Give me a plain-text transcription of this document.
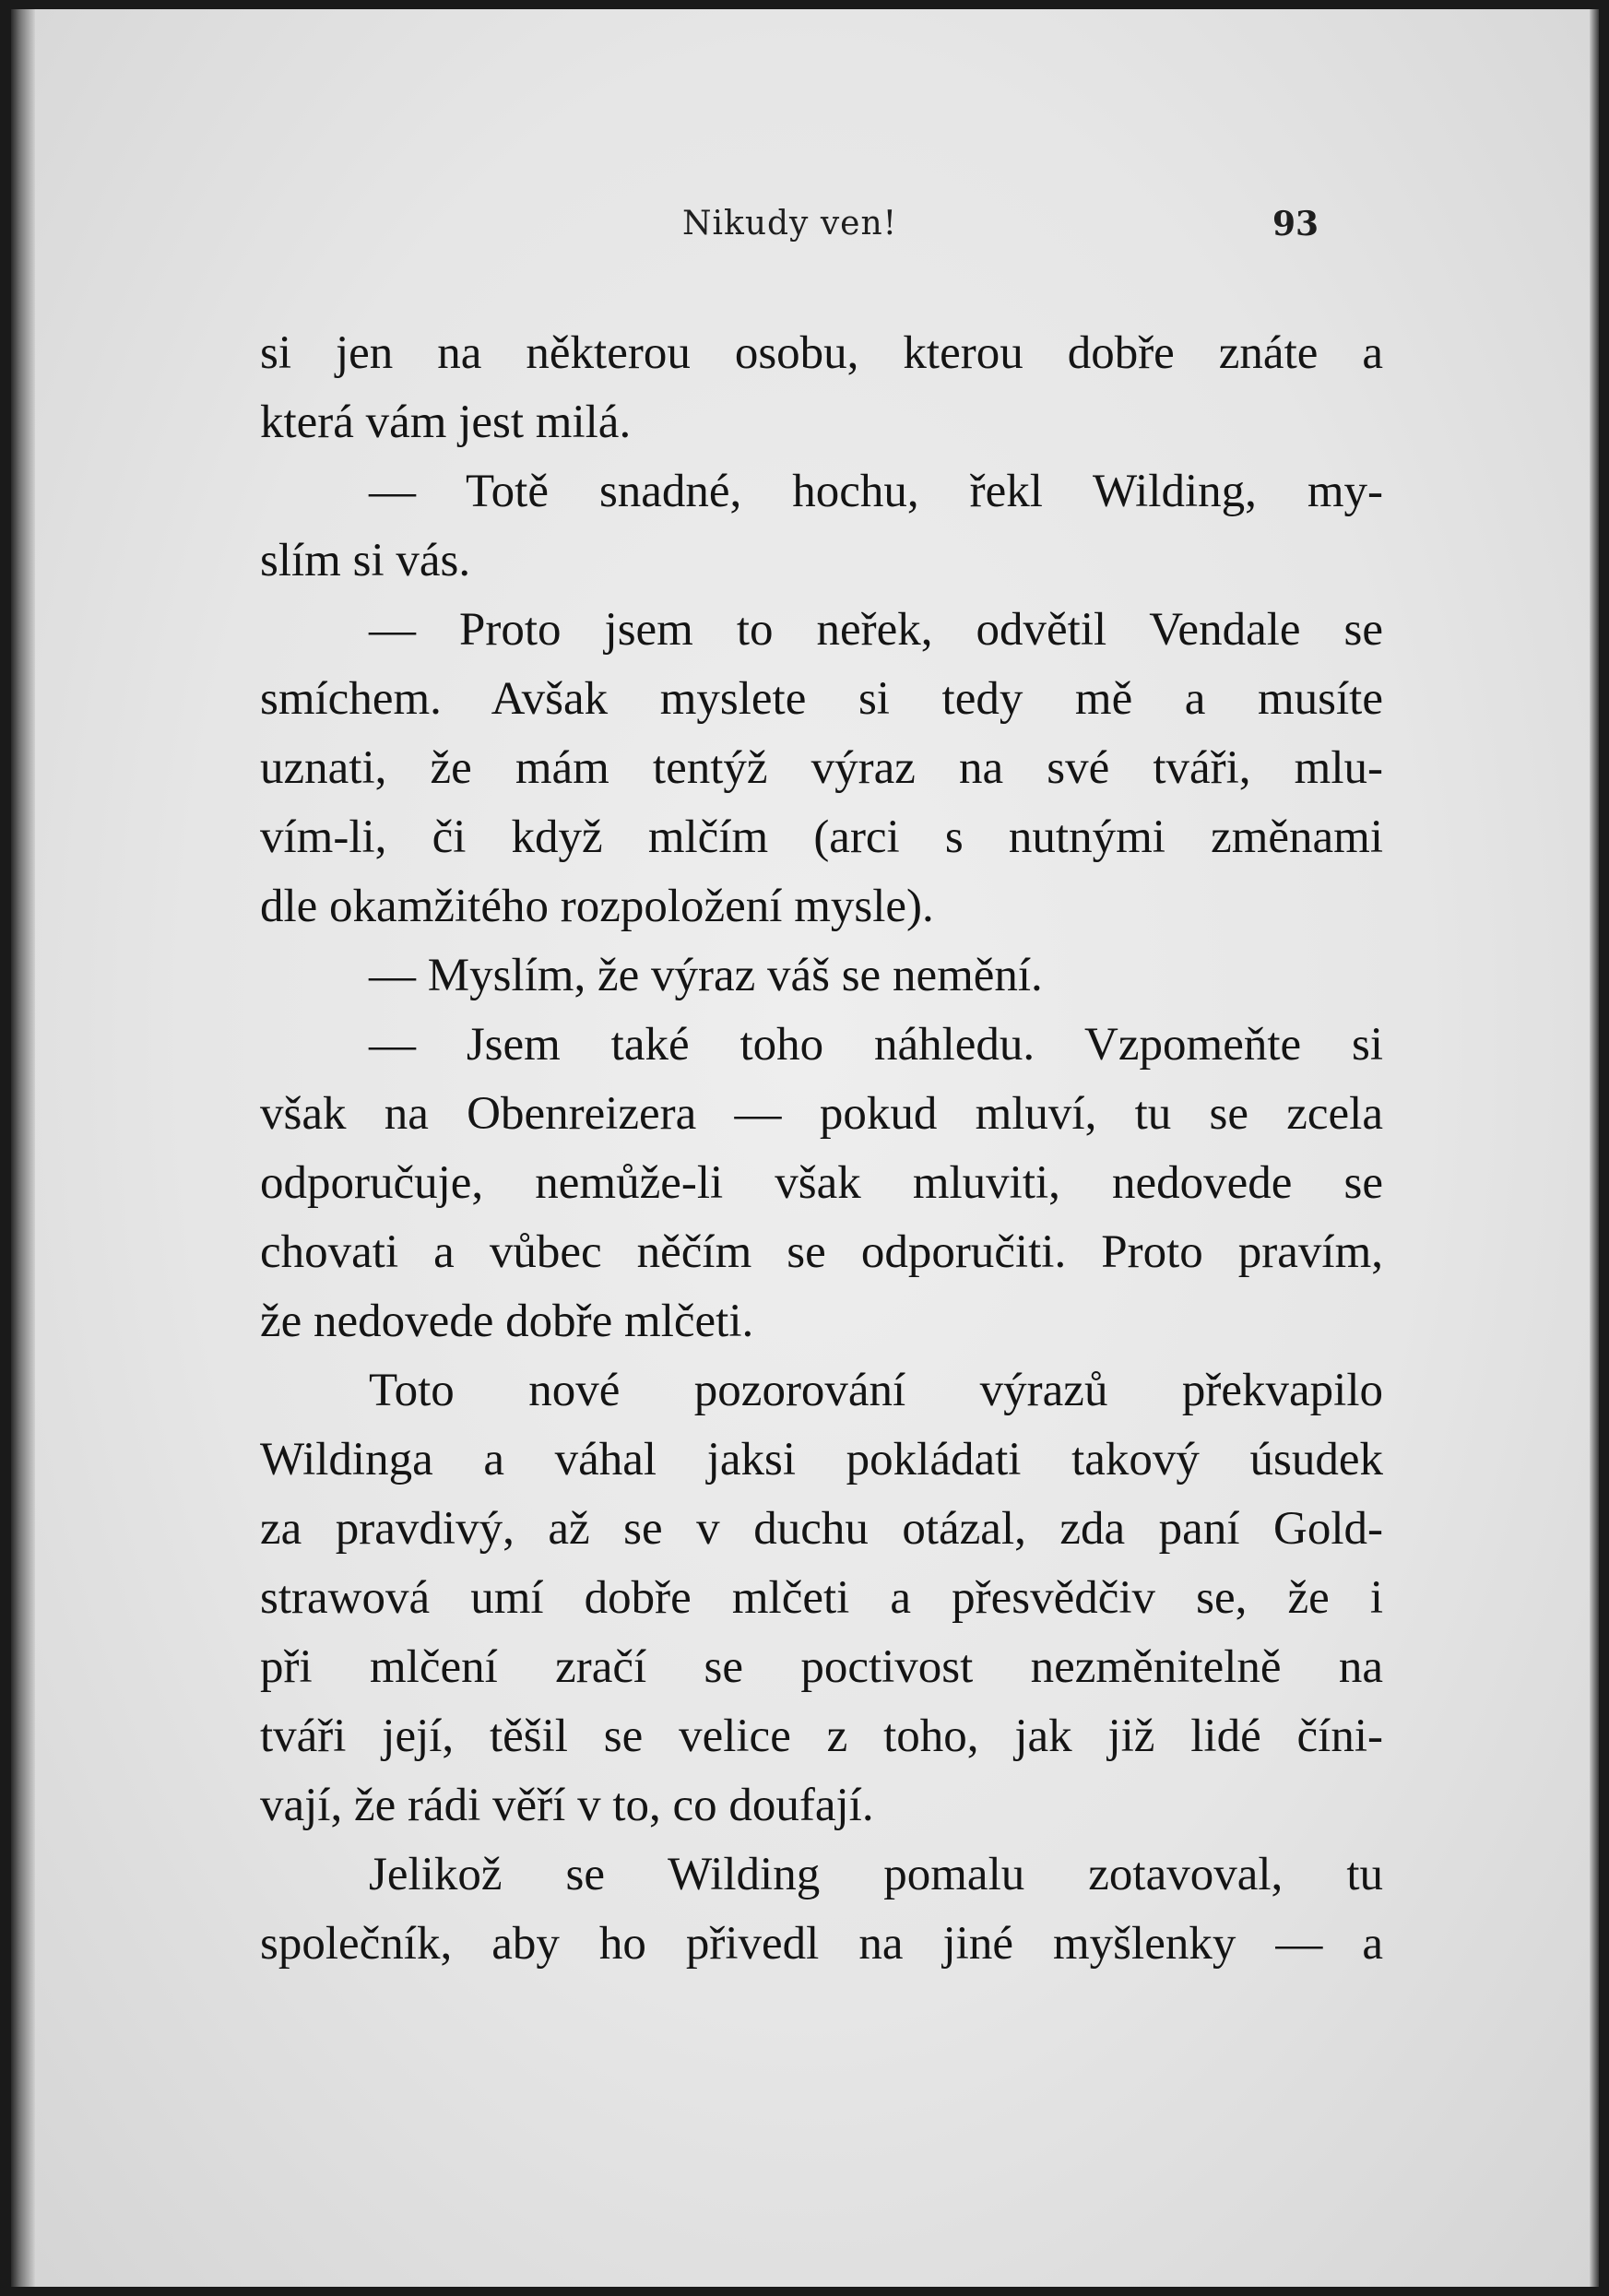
Nikudy ven!	93
si jen na některou osobu, kterou dobře znáte a
která vám jest milá.
— Totě snadné, hochu, řekl Wilding, my-
slím si vás.
— Proto jsem to neřek, odvětil Vendale se
smíchem. Avšak myslete si tedy mě a musíte
uznati, že mám tentýž výraz na své tváři, mlu-
vím-li, či když mlčím (arci s nutnými změnami
dle okamžitého rozpoložení mysle).
— Myslím, že výraz váš se nemění.
— Jsem také toho náhledu. Vzpomeňte si
však na Obenreizera — pokud mluví, tu se zcela
odporučuje, nemůže-li však mluviti, nedovede se
chovati a vůbec něčím se odporučiti. Proto pravím,
že nedovede dobře mlčeti.
Toto nové pozorování výrazů překvapilo
Wildinga a váhal jaksi pokládati takový úsudek
za pravdivý, až se v duchu otázal, zda paní Gold-
strawová umí dobře mlčeti a přesvědčiv se, že i
při mlčení zračí se poctivost nezměnitelně na
tváři její, těšil se velice z toho, jak již lidé číni-
vají, že rádi věří v to, co doufají.
Jelikož se Wilding pomalu zotavoval, tu
společník, aby ho přivedl na jiné myšlenky — a
